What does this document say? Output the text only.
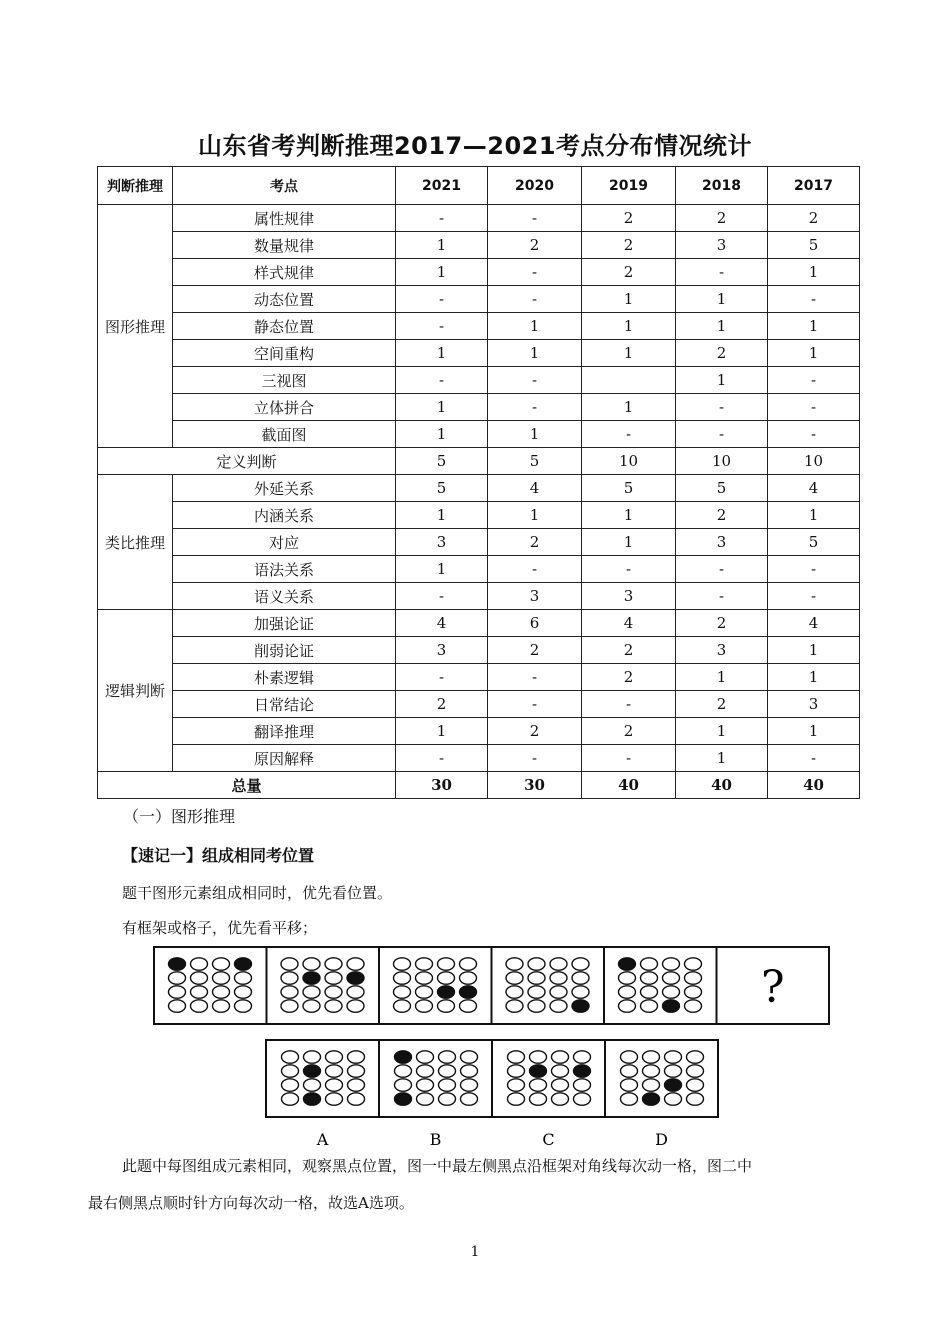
山东省考判断推理2017—2021考点分布情况统计
判断推理	考点	2021	2020	2019	2018	2017
图形推理	属性规律	-	-	2	2	2
	数量规律	1	2	2	3	5
	样式规律	1	-	2	-	1
	动态位置	-	-	1	1	-
	静态位置	-	1	1	1	1
	空间重构	1	1	1	2	1
	三视图	-	-		1	-
	立体拼合	1	-	1	-	-
	截面图	1	1	-	-	-
定义判断		5	5	10	10	10
类比推理	外延关系	5	4	5	5	4
	内涵关系	1	1	1	2	1
	对应	3	2	1	3	5
	语法关系	1	-	-	-	-
	语义关系	-	3	3	-	-
逻辑判断	加强论证	4	6	4	2	4
	削弱论证	3	2	2	3	1
	朴素逻辑	-	-	2	1	1
	日常结论	2	-	-	2	3
	翻译推理	1	2	2	1	1
	原因解释	-	-	-	1	-
总量		30	30	40	40	40
（一）图形推理
【速记一】组成相同考位置
题干图形元素组成相同时，优先看位置。
有框架或格子，优先看平移；
?
A	B	C	D
此题中每图组成元素相同，观察黑点位置，图一中最左侧黑点沿框架对角线每次动一格，图二中
最右侧黑点顺时针方向每次动一格，故选A选项。
1
